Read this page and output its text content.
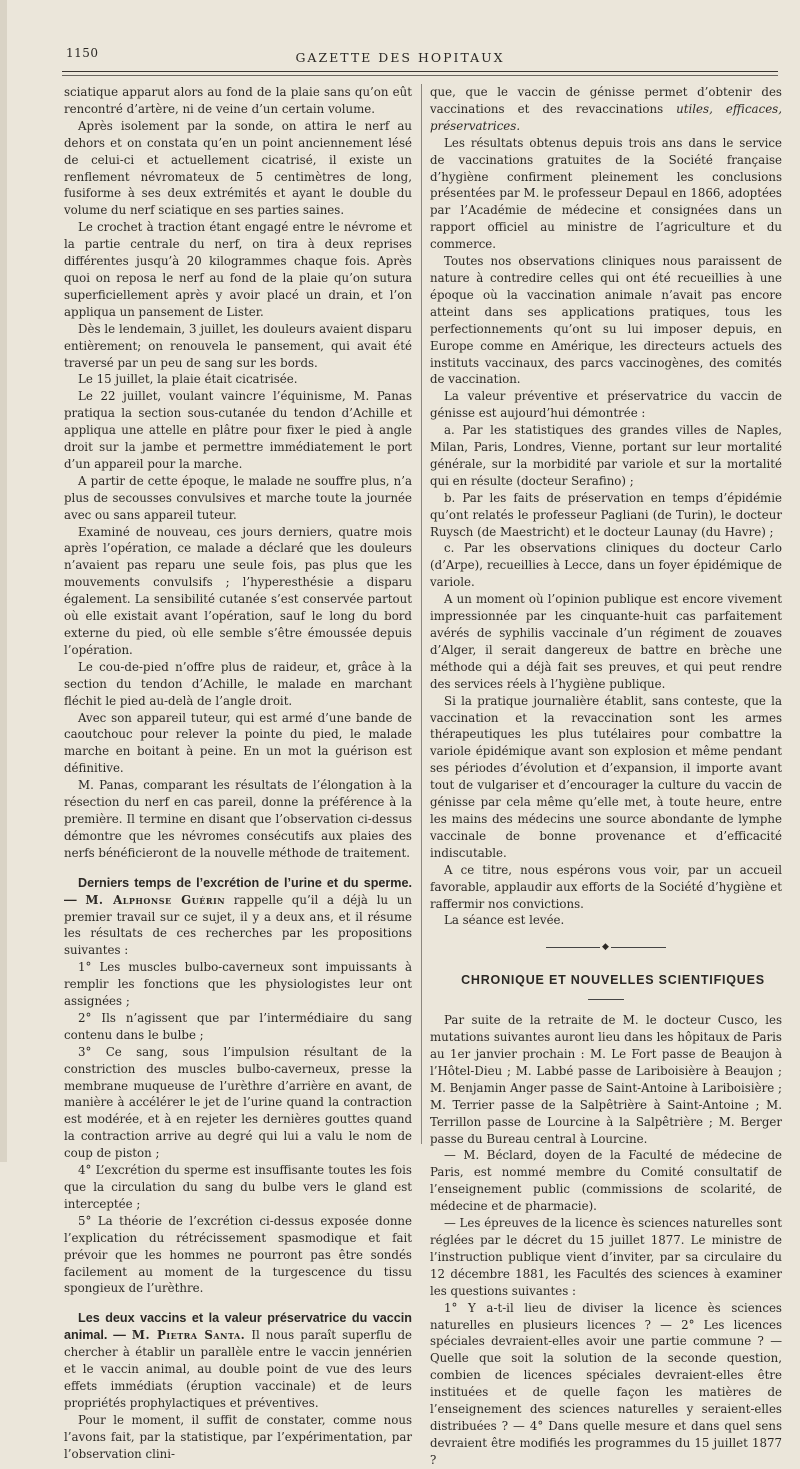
1150	GAZETTE DES HOPITAUX

sciatique apparut alors au fond de la plaie sans qu’on eût rencontré d’artère, ni de veine d’un certain volume.

Après isolement par la sonde, on attira le nerf au dehors et on constata qu’en un point anciennement lésé de celui-ci et actuellement cicatrisé, il existe un renflement névromateux de 5 centimètres de long, fusiforme à ses deux extrémités et ayant le double du volume du nerf sciatique en ses parties saines.

Le crochet à traction étant engagé entre le névrome et la partie centrale du nerf, on tira à deux reprises différentes jusqu’à 20 kilogrammes chaque fois. Après quoi on reposa le nerf au fond de la plaie qu’on sutura superficiellement après y avoir placé un drain, et l’on appliqua un pansement de Lister.

Dès le lendemain, 3 juillet, les douleurs avaient disparu entièrement; on renouvela le pansement, qui avait été traversé par un peu de sang sur les bords.

Le 15 juillet, la plaie était cicatrisée.

Le 22 juillet, voulant vaincre l’équinisme, M. Panas pratiqua la section sous-cutanée du tendon d’Achille et appliqua une attelle en plâtre pour fixer le pied à angle droit sur la jambe et permettre immédiatement le port d’un appareil pour la marche.

A partir de cette époque, le malade ne souffre plus, n’a plus de secousses convulsives et marche toute la journée avec ou sans appareil tuteur.

Examiné de nouveau, ces jours derniers, quatre mois après l’opération, ce malade a déclaré que les douleurs n’avaient pas reparu une seule fois, pas plus que les mouvements convulsifs ; l’hyperesthésie a disparu également. La sensibilité cutanée s’est conservée partout où elle existait avant l’opération, sauf le long du bord externe du pied, où elle semble s’être émoussée depuis l’opération.

Le cou-de-pied n’offre plus de raideur, et, grâce à la section du tendon d’Achille, le malade en marchant fléchit le pied au-delà de l’angle droit.

Avec son appareil tuteur, qui est armé d’une bande de caoutchouc pour relever la pointe du pied, le malade marche en boitant à peine. En un mot la guérison est définitive.

M. Panas, comparant les résultats de l’élongation à la résection du nerf en cas pareil, donne la préférence à la première. Il termine en disant que l’observation ci-dessus démontre que les névromes consécutifs aux plaies des nerfs bénéficieront de la nouvelle méthode de traitement.

Derniers temps de l’excrétion de l’urine et du sperme. — M. Alphonse Guérin rappelle qu’il a déjà lu un premier travail sur ce sujet, il y a deux ans, et il résume les résultats de ces recherches par les propositions suivantes :

1° Les muscles bulbo-caverneux sont impuissants à remplir les fonctions que les physiologistes leur ont assignées ;

2° Ils n’agissent que par l’intermédiaire du sang contenu dans le bulbe ;

3° Ce sang, sous l’impulsion résultant de la constriction des muscles bulbo-caverneux, presse la membrane muqueuse de l’urèthre d’arrière en avant, de manière à accélérer le jet de l’urine quand la contraction est modérée, et à en rejeter les dernières gouttes quand la contraction arrive au degré qui lui a valu le nom de coup de piston ;

4° L’excrétion du sperme est insuffisante toutes les fois que la circulation du sang du bulbe vers le gland est interceptée ;

5° La théorie de l’excrétion ci-dessus exposée donne l’explication du rétrécissement spasmodique et fait prévoir que les hommes ne pourront pas être sondés facilement au moment de la turgescence du tissu spongieux de l’urèthre.

Les deux vaccins et la valeur préservatrice du vaccin animal. — M. Pietra Santa. Il nous paraît superflu de chercher à établir un parallèle entre le vaccin jennérien et le vaccin animal, au double point de vue des leurs effets immédiats (éruption vaccinale) et de leurs propriétés prophylactiques et préventives.

Pour le moment, il suffit de constater, comme nous l’avons fait, par la statistique, par l’expérimentation, par l’observation clini-

que, que le vaccin de génisse permet d’obtenir des vaccinations et des revaccinations utiles, efficaces, préservatrices.

Les résultats obtenus depuis trois ans dans le service de vaccinations gratuites de la Société française d’hygiène confirment pleinement les conclusions présentées par M. le professeur Depaul en 1866, adoptées par l’Académie de médecine et consignées dans un rapport officiel au ministre de l’agriculture et du commerce.

Toutes nos observations cliniques nous paraissent de nature à contredire celles qui ont été recueillies à une époque où la vaccination animale n’avait pas encore atteint dans ses applications pratiques, tous les perfectionnements qu’ont su lui imposer depuis, en Europe comme en Amérique, les directeurs actuels des instituts vaccinaux, des parcs vaccinogènes, des comités de vaccination.

La valeur préventive et préservatrice du vaccin de génisse est aujourd’hui démontrée :

a. Par les statistiques des grandes villes de Naples, Milan, Paris, Londres, Vienne, portant sur leur mortalité générale, sur la morbidité par variole et sur la mortalité qui en résulte (docteur Serafino) ;

b. Par les faits de préservation en temps d’épidémie qu’ont relatés le professeur Pagliani (de Turin), le docteur Ruysch (de Maestricht) et le docteur Launay (du Havre) ;

c. Par les observations cliniques du docteur Carlo (d’Arpe), recueillies à Lecce, dans un foyer épidémique de variole.

A un moment où l’opinion publique est encore vivement impressionnée par les cinquante-huit cas parfaitement avérés de syphilis vaccinale d’un régiment de zouaves d’Alger, il serait dangereux de battre en brèche une méthode qui a déjà fait ses preuves, et qui peut rendre des services réels à l’hygiène publique.

Si la pratique journalière établit, sans conteste, que la vaccination et la revaccination sont les armes thérapeutiques les plus tutélaires pour combattre la variole épidémique avant son explosion et même pendant ses périodes d’évolution et d’expansion, il importe avant tout de vulgariser et d’encourager la culture du vaccin de génisse par cela même qu’elle met, à toute heure, entre les mains des médecins une source abondante de lymphe vaccinale de bonne provenance et d’efficacité indiscutable.

A ce titre, nous espérons vous voir, par un accueil favorable, applaudir aux efforts de la Société d’hygiène et raffermir nos convictions.

La séance est levée.

◆

CHRONIQUE ET NOUVELLES SCIENTIFIQUES

Par suite de la retraite de M. le docteur Cusco, les mutations suivantes auront lieu dans les hôpitaux de Paris au 1er janvier prochain : M. Le Fort passe de Beaujon à l’Hôtel-Dieu ; M. Labbé passe de Lariboisière à Beaujon ; M. Benjamin Anger passe de Saint-Antoine à Lariboisière ; M. Terrier passe de la Salpêtrière à Saint-Antoine ; M. Terrillon passe de Lourcine à la Salpêtrière ; M. Berger passe du Bureau central à Lourcine.

— M. Béclard, doyen de la Faculté de médecine de Paris, est nommé membre du Comité consultatif de l’enseignement public (commissions de scolarité, de médecine et de pharmacie).

— Les épreuves de la licence ès sciences naturelles sont réglées par le décret du 15 juillet 1877. Le ministre de l’instruction publique vient d’inviter, par sa circulaire du 12 décembre 1881, les Facultés des sciences à examiner les questions suivantes :

1° Y a-t-il lieu de diviser la licence ès sciences naturelles en plusieurs licences ? — 2° Les licences spéciales devraient-elles avoir une partie commune ? — Quelle que soit la solution de la seconde question, combien de licences spéciales devraient-elles être instituées et de quelle façon les matières de l’enseignement des sciences naturelles y seraient-elles distribuées ? — 4° Dans quelle mesure et dans quel sens devraient être modifiés les programmes du 15 juillet 1877 ?
